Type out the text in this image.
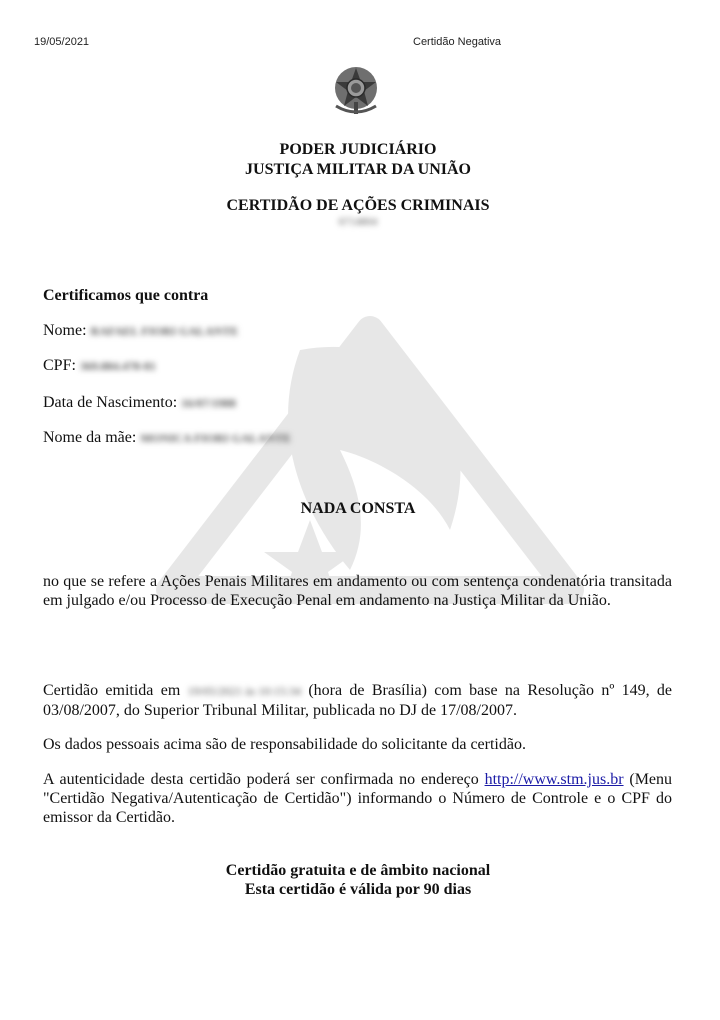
19/05/2021	Certidão Negativa
PODER JUDICIÁRIO
JUSTIÇA MILITAR DA UNIÃO
CERTIDÃO DE AÇÕES CRIMINAIS
6714804
Certificamos que contra
Nome: RAFAEL FIORI GALANTE
CPF: 369.884.478-81
Data de Nascimento: 16/07/1988
Nome da mãe: MONICA FIORI GALANTE
NADA CONSTA
no que se refere a Ações Penais Militares em andamento ou com sentença condenatória transitada em julgado e/ou Processo de Execução Penal em andamento na Justiça Militar da União.
Certidão emitida em 19/05/2021 às 10:15:34 (hora de Brasília) com base na Resolução nº 149, de 03/08/2007, do Superior Tribunal Militar, publicada no DJ de 17/08/2007.
Os dados pessoais acima são de responsabilidade do solicitante da certidão.
A autenticidade desta certidão poderá ser confirmada no endereço http://www.stm.jus.br (Menu "Certidão Negativa/Autenticação de Certidão") informando o Número de Controle e o CPF do emissor da Certidão.
Certidão gratuita e de âmbito nacional
Esta certidão é válida por 90 dias
